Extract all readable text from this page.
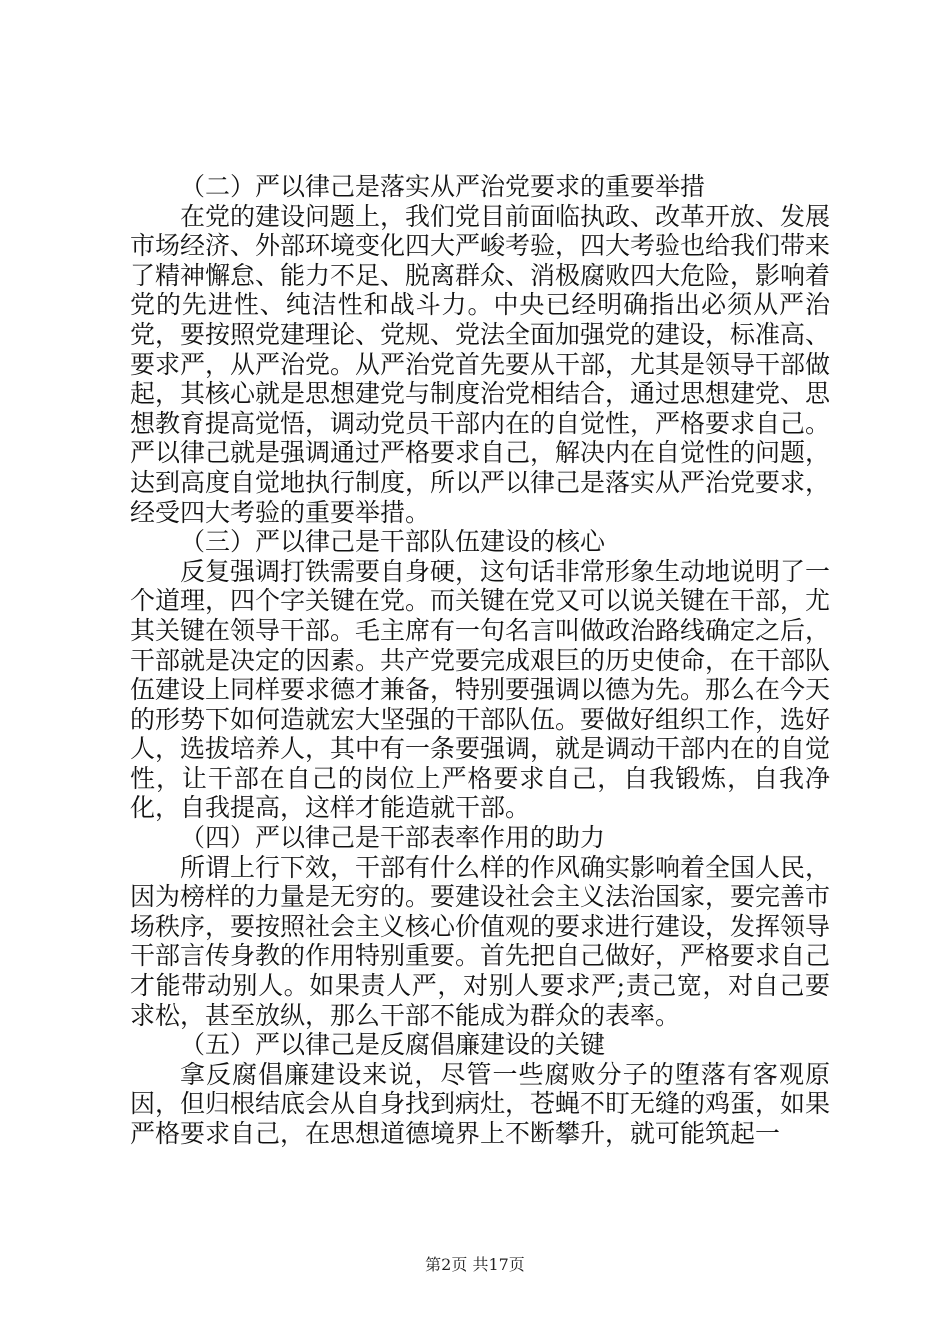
（二）严以律己是落实从严治党要求的重要举措

在党的建设问题上，我们党目前面临执政、改革开放、发展市场经济、外部环境变化四大严峻考验，四大考验也给我们带来了精神懈怠、能力不足、脱离群众、消极腐败四大危险，影响着党的先进性、纯洁性和战斗力。中央已经明确指出必须从严治党，要按照党建理论、党规、党法全面加强党的建设，标准高、要求严，从严治党。从严治党首先要从干部，尤其是领导干部做起，其核心就是思想建党与制度治党相结合，通过思想建党、思想教育提高觉悟，调动党员干部内在的自觉性，严格要求自己。严以律己就是强调通过严格要求自己，解决内在自觉性的问题，达到高度自觉地执行制度，所以严以律己是落实从严治党要求，经受四大考验的重要举措。

（三）严以律己是干部队伍建设的核心

反复强调打铁需要自身硬，这句话非常形象生动地说明了一个道理，四个字关键在党。而关键在党又可以说关键在干部，尤其关键在领导干部。毛主席有一句名言叫做政治路线确定之后，干部就是决定的因素。共产党要完成艰巨的历史使命，在干部队伍建设上同样要求德才兼备，特别要强调以德为先。那么在今天的形势下如何造就宏大坚强的干部队伍。要做好组织工作，选好人，选拔培养人，其中有一条要强调，就是调动干部内在的自觉性，让干部在自己的岗位上严格要求自己，自我锻炼，自我净化，自我提高，这样才能造就干部。

（四）严以律己是干部表率作用的助力

所谓上行下效，干部有什么样的作风确实影响着全国人民，因为榜样的力量是无穷的。要建设社会主义法治国家，要完善市场秩序，要按照社会主义核心价值观的要求进行建设，发挥领导干部言传身教的作用特别重要。首先把自己做好，严格要求自己才能带动别人。如果责人严，对别人要求严;责己宽，对自己要求松，甚至放纵，那么干部不能成为群众的表率。

（五）严以律己是反腐倡廉建设的关键

拿反腐倡廉建设来说，尽管一些腐败分子的堕落有客观原因，但归根结底会从自身找到病灶，苍蝇不盯无缝的鸡蛋，如果严格要求自己，在思想道德境界上不断攀升，就可能筑起一

第2页 共17页
